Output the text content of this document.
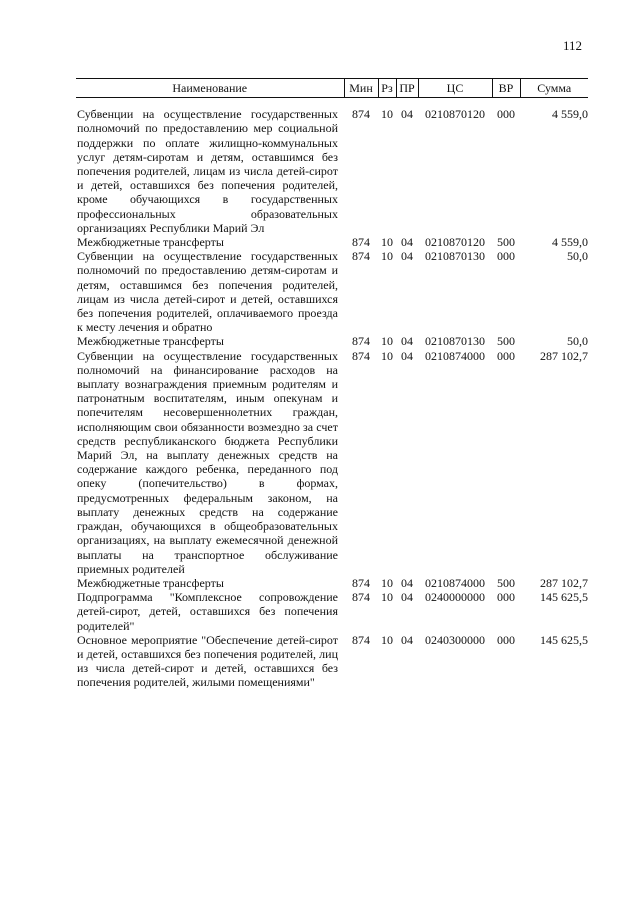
112
Наименование	Мин	Рз	ПР	ЦС	ВР	Сумма
Субвенции на осуществление государственных полномочий по предоставлению мер социальной поддержки по оплате жилищно-коммунальных услуг детям-сиротам и детям, оставшимся без попечения родителей, лицам из числа детей-сирот и детей, оставшихся без попечения родителей, кроме обучающихся в государственных профессиональных образовательных организациях Республики Марий Эл	874	10	04	0210870120	000	4 559,0
Межбюджетные трансферты	874	10	04	0210870120	500	4 559,0
Субвенции на осуществление государственных полномочий по предоставлению детям-сиротам и детям, оставшимся без попечения родителей, лицам из числа детей-сирот и детей, оставшихся без попечения родителей, оплачиваемого проезда к месту лечения и обратно	874	10	04	0210870130	000	50,0
Межбюджетные трансферты	874	10	04	0210870130	500	50,0
Субвенции на осуществление государственных полномочий на финансирование расходов на выплату вознаграждения приемным родителям и патронатным воспитателям, иным опекунам и попечителям несовершеннолетних граждан, исполняющим свои обязанности возмездно за счет средств республиканского бюджета Республики Марий Эл, на выплату денежных средств на содержание каждого ребенка, переданного под опеку (попечительство) в формах, предусмотренных федеральным законом, на выплату денежных средств на содержание граждан, обучающихся в общеобразовательных организациях, на выплату ежемесячной денежной выплаты на транспортное обслуживание приемных родителей	874	10	04	0210874000	000	287 102,7
Межбюджетные трансферты	874	10	04	0210874000	500	287 102,7
Подпрограмма "Комплексное сопровождение детей-сирот, детей, оставшихся без попечения родителей"	874	10	04	0240000000	000	145 625,5
Основное мероприятие "Обеспечение детей-сирот и детей, оставшихся без попечения родителей, лиц из числа детей-сирот и детей, оставшихся без попечения родителей, жилыми помещениями"	874	10	04	0240300000	000	145 625,5
